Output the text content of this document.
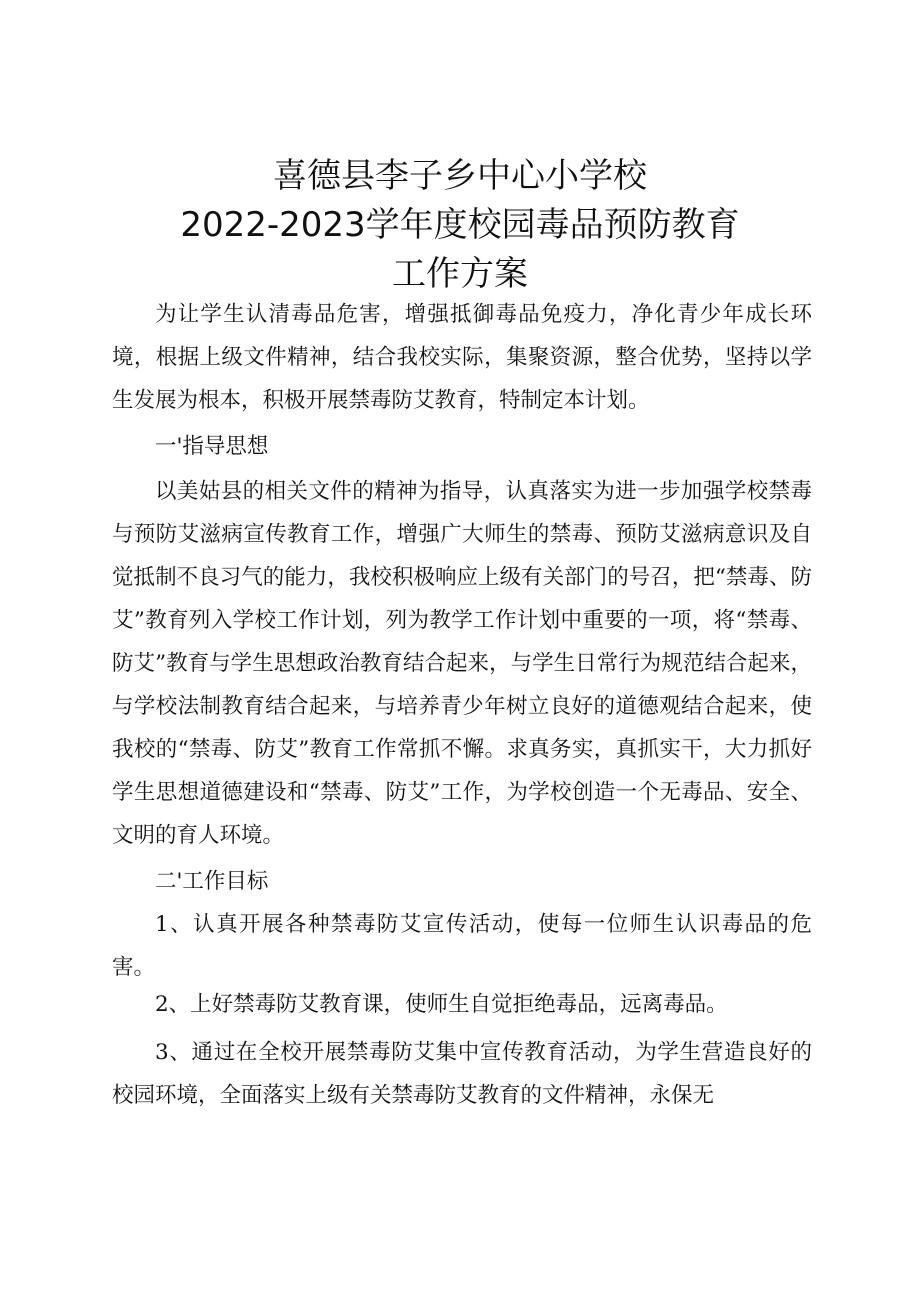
喜德县李子乡中心小学校
2022-2023学年度校园毒品预防教育
工作方案

为让学生认清毒品危害，增强抵御毒品免疫力，净化青少年成长环境，根据上级文件精神，结合我校实际，集聚资源，整合优势，坚持以学生发展为根本，积极开展禁毒防艾教育，特制定本计划。

一'指导思想

以美姑县的相关文件的精神为指导，认真落实为进一步加强学校禁毒与预防艾滋病宣传教育工作，增强广大师生的禁毒、预防艾滋病意识及自觉抵制不良习气的能力，我校积极响应上级有关部门的号召，把“禁毒、防艾”教育列入学校工作计划，列为教学工作计划中重要的一项，将“禁毒、防艾”教育与学生思想政治教育结合起来，与学生日常行为规范结合起来，与学校法制教育结合起来，与培养青少年树立良好的道德观结合起来，使我校的“禁毒、防艾”教育工作常抓不懈。求真务实，真抓实干，大力抓好学生思想道德建设和“禁毒、防艾”工作，为学校创造一个无毒品、安全、文明的育人环境。

二'工作目标

1、认真开展各种禁毒防艾宣传活动，使每一位师生认识毒品的危害。

2、上好禁毒防艾教育课，使师生自觉拒绝毒品，远离毒品。

3、通过在全校开展禁毒防艾集中宣传教育活动，为学生营造良好的校园环境，全面落实上级有关禁毒防艾教育的文件精神，永保无
